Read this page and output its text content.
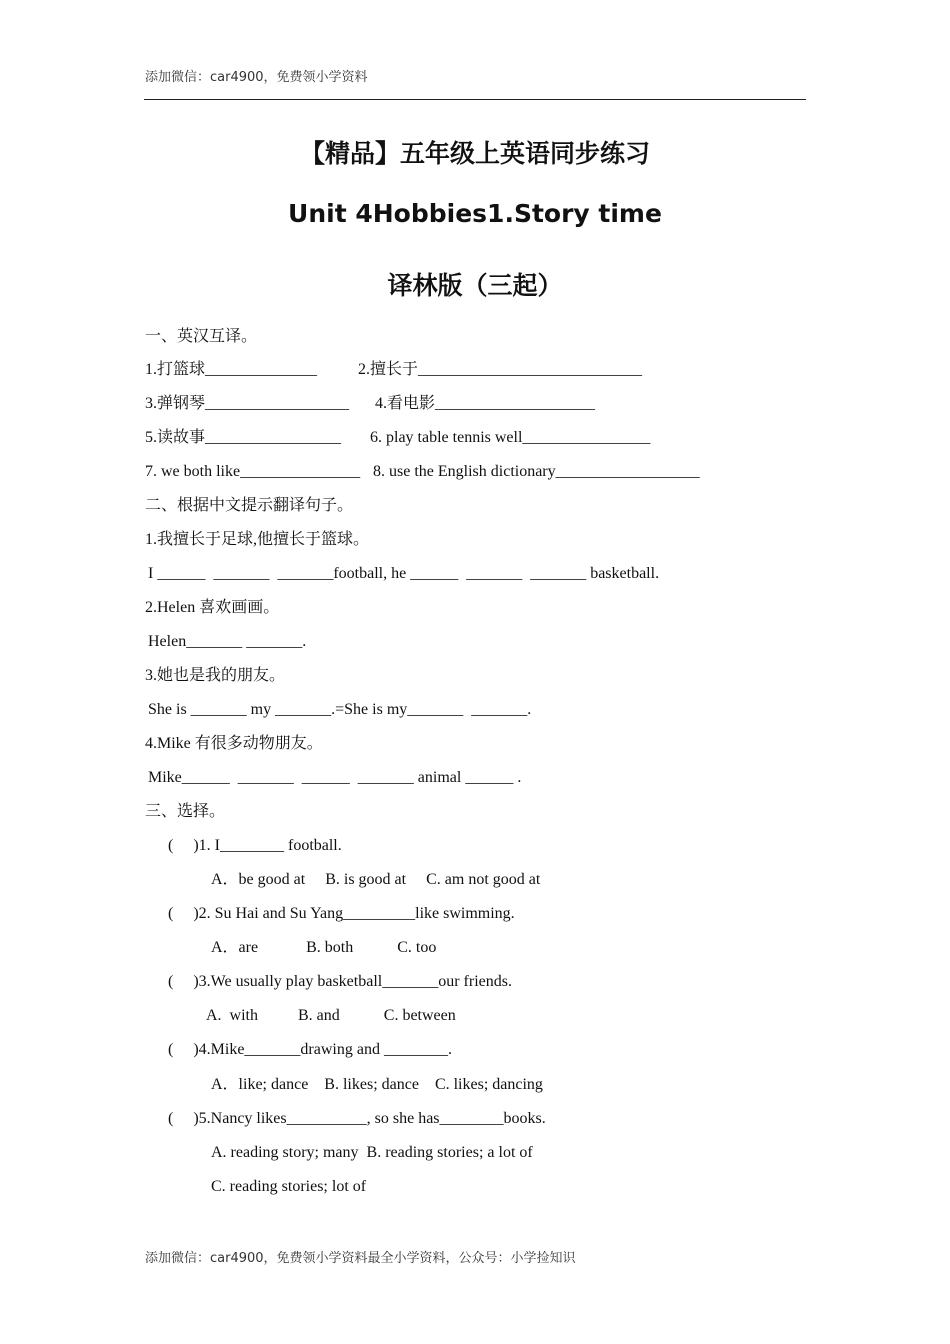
添加微信：car4900，免费领小学资料
【精品】五年级上英语同步练习
Unit 4Hobbies1.Story time
译林版（三起）
一、英汉互译。
1.打篮球______________	2.擅长于____________________________
3.弹钢琴__________________ 4.看电影____________________
5.读故事_________________ 6. play table tennis well________________
7. we both like_______________ 8. use the English dictionary__________________
二、根据中文提示翻译句子。
1.我擅长于足球,他擅长于篮球。
I ______  _______  _______football, he ______  _______  _______ basketball.
2.Helen 喜欢画画。
Helen_______ _______.
3.她也是我的朋友。
She is _______ my _______.=She is my_______  _______.
4.Mike 有很多动物朋友。
Mike______  _______  ______  _______ animal ______ .
三、选择。
(     )1. I________ football.
A．be good at     B. is good at     C. am not good at
(     )2. Su Hai and Su Yang_________like swimming.
A．are            B. both           C. too
(     )3.We usually play basketball_______our friends.
A.  with          B. and           C. between
(     )4.Mike_______drawing and ________.
A．like; dance    B. likes; dance    C. likes; dancing
(     )5.Nancy likes__________, so she has________books.
A. reading story; many  B. reading stories; a lot of
C. reading stories; lot of
添加微信：car4900，免费领小学资料最全小学资料，公众号：小学捡知识
